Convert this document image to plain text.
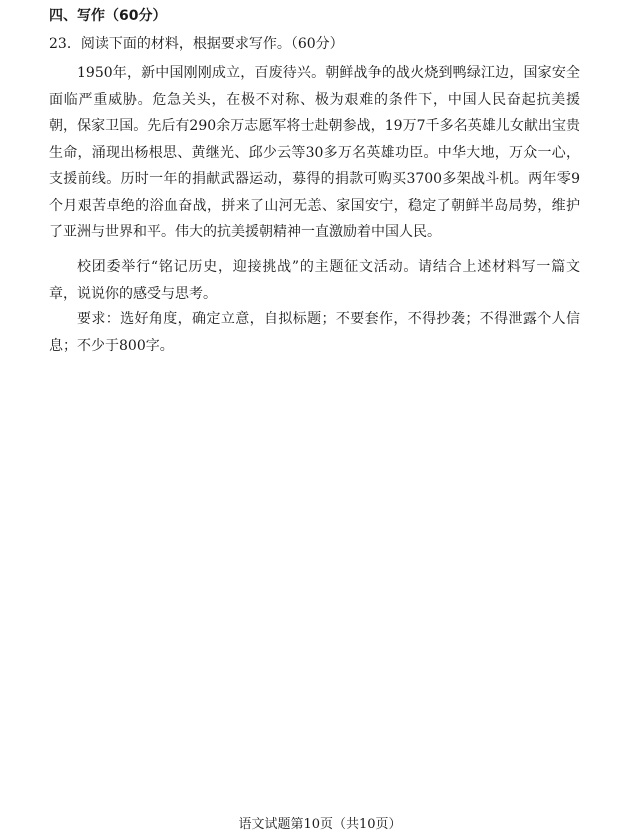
四、写作（60分）
23．阅读下面的材料，根据要求写作。（60分）

1950年，新中国刚刚成立，百废待兴。朝鲜战争的战火烧到鸭绿江边，国家安全面临严重威胁。危急关头，在极不对称、极为艰难的条件下，中国人民奋起抗美援朝，保家卫国。先后有290余万志愿军将士赴朝参战，19万7千多名英雄儿女献出宝贵生命，涌现出杨根思、黄继光、邱少云等30多万名英雄功臣。中华大地，万众一心，支援前线。历时一年的捐献武器运动，募得的捐款可购买3700多架战斗机。两年零9个月艰苦卓绝的浴血奋战，拼来了山河无恙、家国安宁，稳定了朝鲜半岛局势，维护了亚洲与世界和平。伟大的抗美援朝精神一直激励着中国人民。

校团委举行“铭记历史，迎接挑战”的主题征文活动。请结合上述材料写一篇文章，说说你的感受与思考。

要求：选好角度，确定立意，自拟标题；不要套作，不得抄袭；不得泄露个人信息；不少于800字。

语文试题第10页（共10页）
